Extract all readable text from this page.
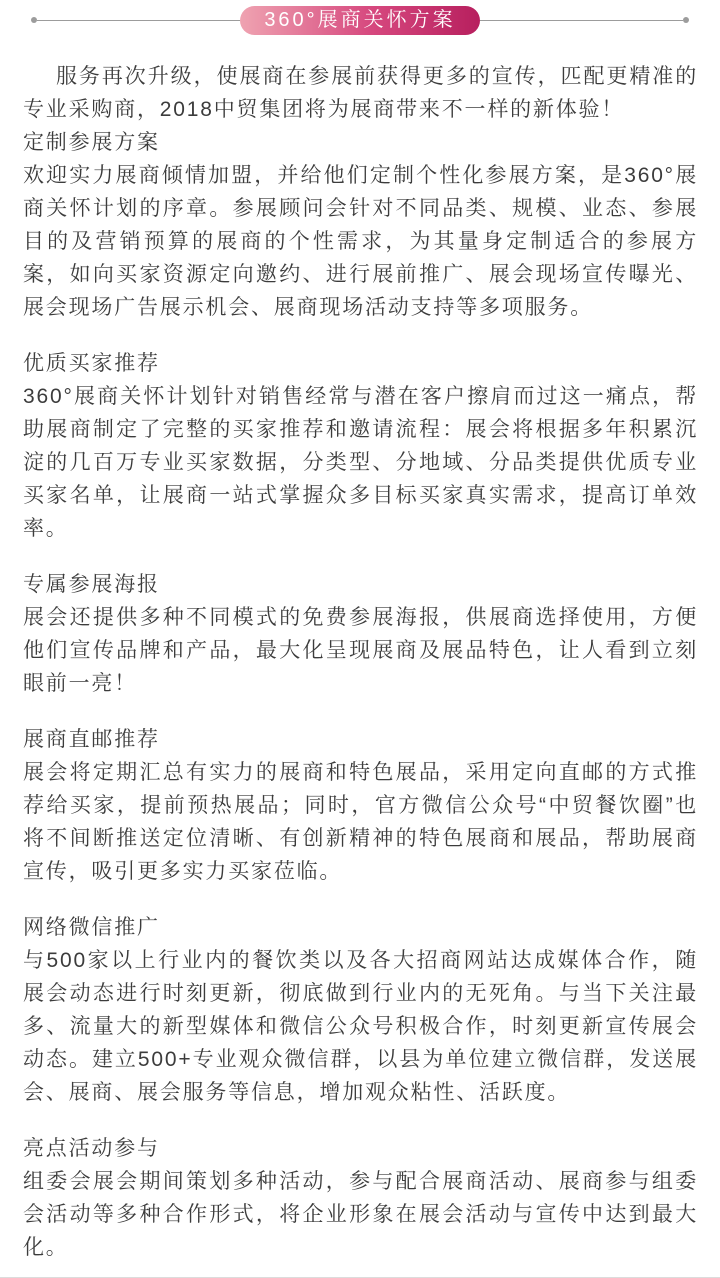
360°展商关怀方案

服务再次升级，使展商在参展前获得更多的宣传，匹配更精准的专业采购商，2018中贸集团将为展商带来不一样的新体验！

定制参展方案

欢迎实力展商倾情加盟，并给他们定制个性化参展方案，是360°展商关怀计划的序章。参展顾问会针对不同品类、规模、业态、参展目的及营销预算的展商的个性需求，为其量身定制适合的参展方案，如向买家资源定向邀约、进行展前推广、展会现场宣传曝光、展会现场广告展示机会、展商现场活动支持等多项服务。

优质买家推荐

360°展商关怀计划针对销售经常与潜在客户擦肩而过这一痛点，帮助展商制定了完整的买家推荐和邀请流程：展会将根据多年积累沉淀的几百万专业买家数据，分类型、分地域、分品类提供优质专业买家名单，让展商一站式掌握众多目标买家真实需求，提高订单效率。

专属参展海报

展会还提供多种不同模式的免费参展海报，供展商选择使用，方便他们宣传品牌和产品，最大化呈现展商及展品特色，让人看到立刻眼前一亮！

展商直邮推荐

展会将定期汇总有实力的展商和特色展品，采用定向直邮的方式推荐给买家，提前预热展品；同时，官方微信公众号“中贸餐饮圈”也将不间断推送定位清晰、有创新精神的特色展商和展品，帮助展商宣传，吸引更多实力买家莅临。

网络微信推广

与500家以上行业内的餐饮类以及各大招商网站达成媒体合作，随展会动态进行时刻更新，彻底做到行业内的无死角。与当下关注最多、流量大的新型媒体和微信公众号积极合作，时刻更新宣传展会动态。建立500+专业观众微信群，以县为单位建立微信群，发送展会、展商、展会服务等信息，增加观众粘性、活跃度。

亮点活动参与

组委会展会期间策划多种活动，参与配合展商活动、展商参与组委会活动等多种合作形式，将企业形象在展会活动与宣传中达到最大化。
